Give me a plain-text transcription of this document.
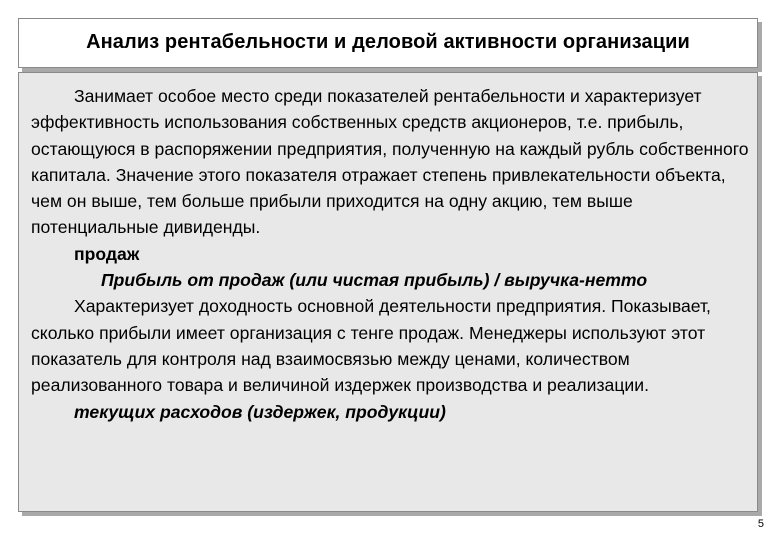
Анализ рентабельности и деловой активности организации

Занимает особое место среди показателей рентабельности и характеризует эффективность использования собственных средств акционеров, т.е. прибыль, остающуюся в распоряжении предприятия, полученную на каждый рубль собственного капитала. Значение этого показателя отражает степень привлекательности объекта, чем он выше, тем больше прибыли приходится на одну акцию, тем выше потенциальные дивиденды.

продаж

Прибыль от продаж (или чистая прибыль) / выручка-нетто

Характеризует доходность основной деятельности предприятия. Показывает, сколько прибыли имеет организация с тенге продаж. Менеджеры используют этот показатель для контроля над взаимосвязью между ценами, количеством реализованного товара и величиной издержек производства и реализации.

текущих расходов (издержек, продукции)

5
